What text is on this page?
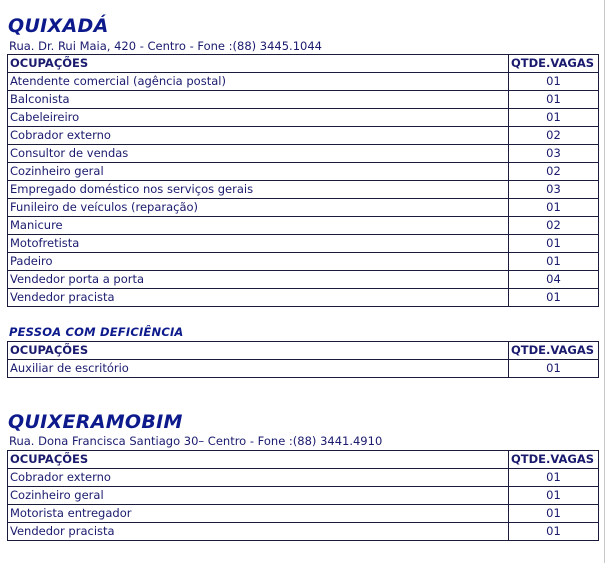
QUIXADÁ

Rua. Dr. Rui Maia, 420 - Centro - Fone :(88) 3445.1044

OCUPAÇÕES	QTDE.VAGAS
Atendente comercial (agência postal)	01
Balconista	01
Cabeleireiro	01
Cobrador externo	02
Consultor de vendas	03
Cozinheiro geral	02
Empregado doméstico nos serviços gerais	03
Funileiro de veículos (reparação)	01
Manicure	02
Motofretista	01
Padeiro	01
Vendedor porta a porta	04
Vendedor pracista	01

PESSOA COM DEFICIÊNCIA

OCUPAÇÕES	QTDE.VAGAS
Auxiliar de escritório	01
QUIXERAMOBIM

Rua. Dona Francisca Santiago 30– Centro - Fone :(88) 3441.4910

OCUPAÇÕES	QTDE.VAGAS
Cobrador externo	01
Cozinheiro geral	01
Motorista entregador	01
Vendedor pracista	01
